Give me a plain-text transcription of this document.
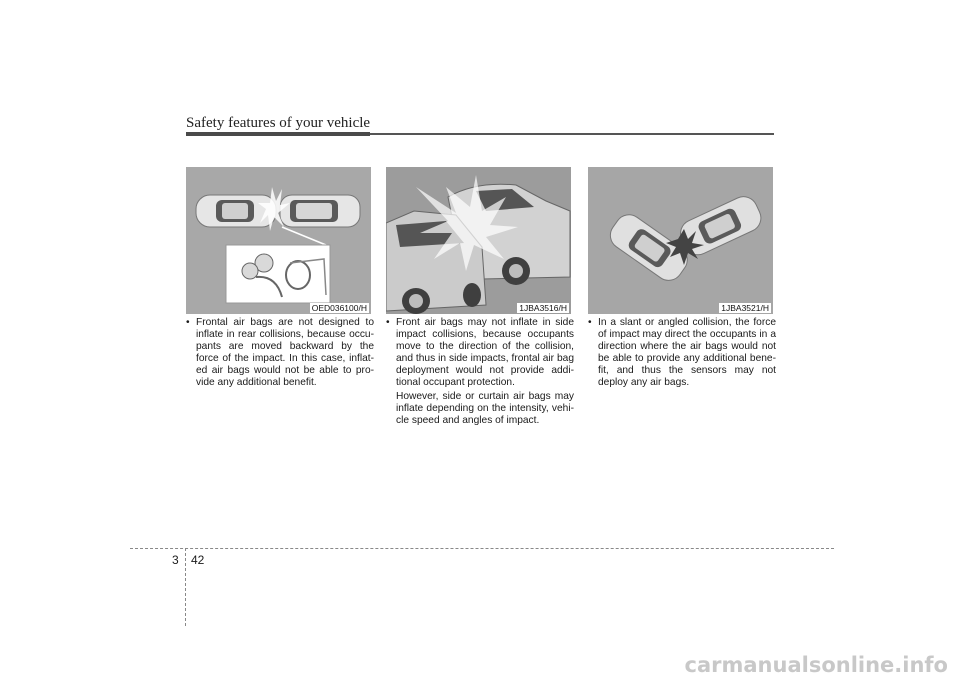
Safety features of your vehicle
OED036100/H	1JBA3516/H	1JBA3521/H
• Frontal air bags are not designed to inflate in rear collisions, because occu-pants are moved backward by the force of the impact. In this case, inflat-ed air bags would not be able to pro-vide any additional benefit.
• Front air bags may not inflate in side impact collisions, because occupants move to the direction of the collision, and thus in side impacts, frontal air bag deployment would not provide addi-tional occupant protection.
However, side or curtain air bags may inflate depending on the intensity, vehi-cle speed and angles of impact.
• In a slant or angled collision, the force of impact may direct the occupants in a direction where the air bags would not be able to provide any additional bene-fit, and thus the sensors may not deploy any air bags.
3 42
carmanualsonline.info
